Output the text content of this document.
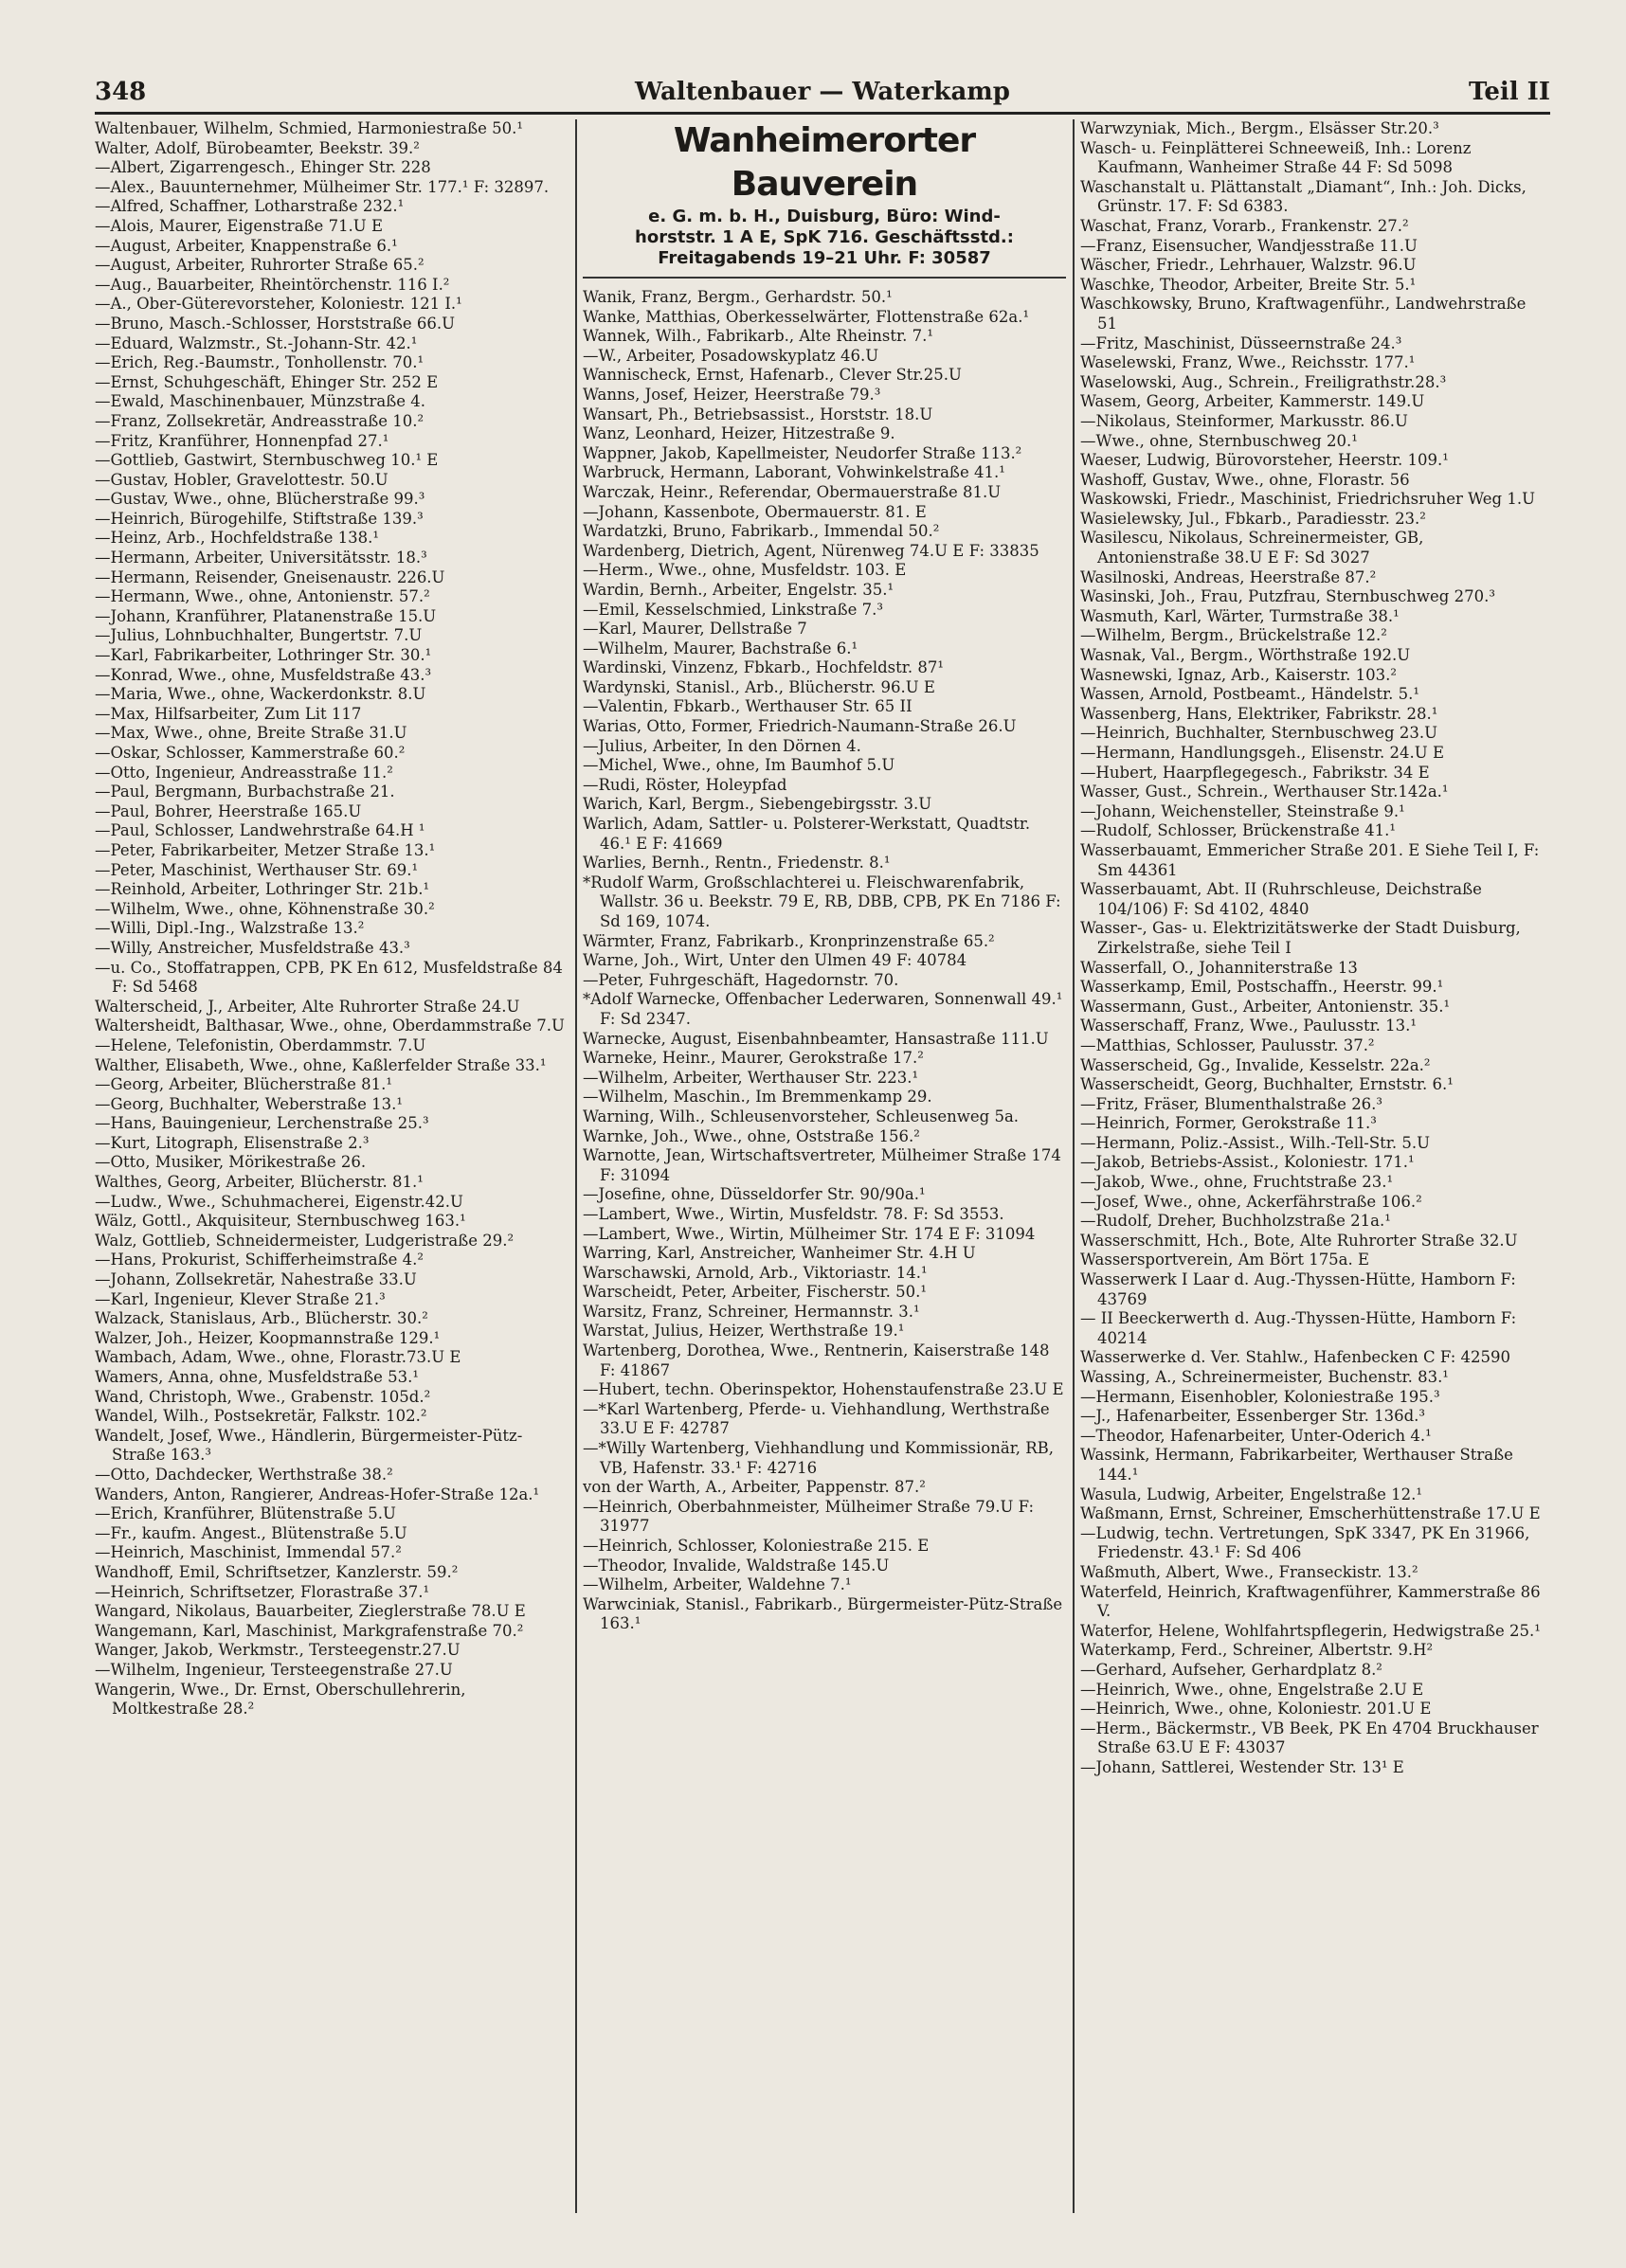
348	Waltenbauer — Waterkamp	Teil II
Waltenbauer, Wilhelm, Schmied, Harmoniestraße 50.¹
Walter, Adolf, Bürobeamter, Beekstr. 39.²
—Albert, Zigarrengesch., Ehinger Str. 228
—Alex., Bauunternehmer, Mülheimer Str. 177.¹ F: 32897.
—Alfred, Schaffner, Lotharstraße 232.¹
—Alois, Maurer, Eigenstraße 71.U E
—August, Arbeiter, Knappenstraße 6.¹
—August, Arbeiter, Ruhrorter Straße 65.²
—Aug., Bauarbeiter, Rheintörchenstr. 116 I.²
—A., Ober-Güterevorsteher, Koloniestr. 121 I.¹
—Bruno, Masch.-Schlosser, Horststraße 66.U
—Eduard, Walzmstr., St.-Johann-Str. 42.¹
—Erich, Reg.-Baumstr., Tonhollenstr. 70.¹
—Ernst, Schuhgeschäft, Ehinger Str. 252 E
—Ewald, Maschinenbauer, Münzstraße 4.
—Franz, Zollsekretär, Andreasstraße 10.²
—Fritz, Kranführer, Honnenpfad 27.¹
—Gottlieb, Gastwirt, Sternbuschweg 10.¹ E
—Gustav, Hobler, Gravelottestr. 50.U
—Gustav, Wwe., ohne, Blücherstraße 99.³
—Heinrich, Bürogehilfe, Stiftstraße 139.³
—Heinz, Arb., Hochfeldstraße 138.¹
—Hermann, Arbeiter, Universitätsstr. 18.³
—Hermann, Reisender, Gneisenaustr. 226.U
—Hermann, Wwe., ohne, Antonienstr. 57.²
—Johann, Kranführer, Platanenstraße 15.U
—Julius, Lohnbuchhalter, Bungertstr. 7.U
—Karl, Fabrikarbeiter, Lothringer Str. 30.¹
—Konrad, Wwe., ohne, Musfeldstraße 43.³
—Maria, Wwe., ohne, Wackerdonkstr. 8.U
—Max, Hilfsarbeiter, Zum Lit 117
—Max, Wwe., ohne, Breite Straße 31.U
—Oskar, Schlosser, Kammerstraße 60.²
—Otto, Ingenieur, Andreasstraße 11.²
—Paul, Bergmann, Burbachstraße 21.
—Paul, Bohrer, Heerstraße 165.U
—Paul, Schlosser, Landwehrstraße 64.H ¹
—Peter, Fabrikarbeiter, Metzer Straße 13.¹
—Peter, Maschinist, Werthauser Str. 69.¹
—Reinhold, Arbeiter, Lothringer Str. 21b.¹
—Wilhelm, Wwe., ohne, Köhnenstraße 30.²
—Willi, Dipl.-Ing., Walzstraße 13.²
—Willy, Anstreicher, Musfeldstraße 43.³
—u. Co., Stoffatrappen, CPB, PK En 612, Musfeldstraße 84 F: Sd 5468
Walterscheid, J., Arbeiter, Alte Ruhrorter Straße 24.U
Waltersheidt, Balthasar, Wwe., ohne, Oberdammstraße 7.U
—Helene, Telefonistin, Oberdammstr. 7.U
Walther, Elisabeth, Wwe., ohne, Kaßlerfelder Straße 33.¹
—Georg, Arbeiter, Blücherstraße 81.¹
—Georg, Buchhalter, Weberstraße 13.¹
—Hans, Bauingenieur, Lerchenstraße 25.³
—Kurt, Litograph, Elisenstraße 2.³
—Otto, Musiker, Mörikestraße 26.
Walthes, Georg, Arbeiter, Blücherstr. 81.¹
—Ludw., Wwe., Schuhmacherei, Eigenstr.42.U
Wälz, Gottl., Akquisiteur, Sternbuschweg 163.¹
Walz, Gottlieb, Schneidermeister, Ludgeristraße 29.²
—Hans, Prokurist, Schifferheimstraße 4.²
—Johann, Zollsekretär, Nahestraße 33.U
—Karl, Ingenieur, Klever Straße 21.³
Walzack, Stanislaus, Arb., Blücherstr. 30.²
Walzer, Joh., Heizer, Koopmannstraße 129.¹
Wambach, Adam, Wwe., ohne, Florastr.73.U E
Wamers, Anna, ohne, Musfeldstraße 53.¹
Wand, Christoph, Wwe., Grabenstr. 105d.²
Wandel, Wilh., Postsekretär, Falkstr. 102.²
Wandelt, Josef, Wwe., Händlerin, Bürgermeister-Pütz-Straße 163.³
—Otto, Dachdecker, Werthstraße 38.²
Wanders, Anton, Rangierer, Andreas-Hofer-Straße 12a.¹
—Erich, Kranführer, Blütenstraße 5.U
—Fr., kaufm. Angest., Blütenstraße 5.U
—Heinrich, Maschinist, Immendal 57.²
Wandhoff, Emil, Schriftsetzer, Kanzlerstr. 59.²
—Heinrich, Schriftsetzer, Florastraße 37.¹
Wangard, Nikolaus, Bauarbeiter, Zieglerstraße 78.U E
Wangemann, Karl, Maschinist, Markgrafenstraße 70.²
Wanger, Jakob, Werkmstr., Tersteegenstr.27.U
—Wilhelm, Ingenieur, Tersteegenstraße 27.U
Wangerin, Wwe., Dr. Ernst, Oberschullehrerin, Moltkestraße 28.²
Wanheimerorter Bauverein
e. G. m. b. H., Duisburg, Büro: Wind-
horststr. 1 A E, SpK 716. Geschäftsstd.:
Freitagabends 19–21 Uhr. F: 30587
Wanik, Franz, Bergm., Gerhardstr. 50.¹
Wanke, Matthias, Oberkesselwärter, Flottenstraße 62a.¹
Wannek, Wilh., Fabrikarb., Alte Rheinstr. 7.¹
—W., Arbeiter, Posadowskyplatz 46.U
Wannischeck, Ernst, Hafenarb., Clever Str.25.U
Wanns, Josef, Heizer, Heerstraße 79.³
Wansart, Ph., Betriebsassist., Horststr. 18.U
Wanz, Leonhard, Heizer, Hitzestraße 9.
Wappner, Jakob, Kapellmeister, Neudorfer Straße 113.²
Warbruck, Hermann, Laborant, Vohwinkelstraße 41.¹
Warczak, Heinr., Referendar, Obermauerstraße 81.U
—Johann, Kassenbote, Obermauerstr. 81. E
Wardatzki, Bruno, Fabrikarb., Immendal 50.²
Wardenberg, Dietrich, Agent, Nürenweg 74.U E F: 33835
—Herm., Wwe., ohne, Musfeldstr. 103. E
Wardin, Bernh., Arbeiter, Engelstr. 35.¹
—Emil, Kesselschmied, Linkstraße 7.³
—Karl, Maurer, Dellstraße 7
—Wilhelm, Maurer, Bachstraße 6.¹
Wardinski, Vinzenz, Fbkarb., Hochfeldstr. 87¹
Wardynski, Stanisl., Arb., Blücherstr. 96.U E
—Valentin, Fbkarb., Werthauser Str. 65 II
Warias, Otto, Former, Friedrich-Naumann-Straße 26.U
—Julius, Arbeiter, In den Dörnen 4.
—Michel, Wwe., ohne, Im Baumhof 5.U
—Rudi, Röster, Holeypfad
Warich, Karl, Bergm., Siebengebirgsstr. 3.U
Warlich, Adam, Sattler- u. Polsterer-Werkstatt, Quadtstr. 46.¹ E F: 41669
Warlies, Bernh., Rentn., Friedenstr. 8.¹
*Rudolf Warm, Großschlachterei u. Fleischwarenfabrik, Wallstr. 36 u. Beekstr. 79 E, RB, DBB, CPB, PK En 7186 F: Sd 169, 1074.
Wärmter, Franz, Fabrikarb., Kronprinzenstraße 65.²
Warne, Joh., Wirt, Unter den Ulmen 49 F: 40784
—Peter, Fuhrgeschäft, Hagedornstr. 70.
*Adolf Warnecke, Offenbacher Lederwaren, Sonnenwall 49.¹ F: Sd 2347.
Warnecke, August, Eisenbahnbeamter, Hansastraße 111.U
Warneke, Heinr., Maurer, Gerokstraße 17.²
—Wilhelm, Arbeiter, Werthauser Str. 223.¹
—Wilhelm, Maschin., Im Bremmenkamp 29.
Warning, Wilh., Schleusenvorsteher, Schleusenweg 5a.
Warnke, Joh., Wwe., ohne, Oststraße 156.²
Warnotte, Jean, Wirtschaftsvertreter, Mülheimer Straße 174 F: 31094
—Josefine, ohne, Düsseldorfer Str. 90/90a.¹
—Lambert, Wwe., Wirtin, Musfeldstr. 78. F: Sd 3553.
—Lambert, Wwe., Wirtin, Mülheimer Str. 174 E F: 31094
Warring, Karl, Anstreicher, Wanheimer Str. 4.H U
Warschawski, Arnold, Arb., Viktoriastr. 14.¹
Warscheidt, Peter, Arbeiter, Fischerstr. 50.¹
Warsitz, Franz, Schreiner, Hermannstr. 3.¹
Warstat, Julius, Heizer, Werthstraße 19.¹
Wartenberg, Dorothea, Wwe., Rentnerin, Kaiserstraße 148 F: 41867
—Hubert, techn. Oberinspektor, Hohenstaufenstraße 23.U E
—*Karl Wartenberg, Pferde- u. Viehhandlung, Werthstraße 33.U E F: 42787
—*Willy Wartenberg, Viehhandlung und Kommissionär, RB, VB, Hafenstr. 33.¹ F: 42716
von der Warth, A., Arbeiter, Pappenstr. 87.²
—Heinrich, Oberbahnmeister, Mülheimer Straße 79.U F: 31977
—Heinrich, Schlosser, Koloniestraße 215. E
—Theodor, Invalide, Waldstraße 145.U
—Wilhelm, Arbeiter, Waldehne 7.¹
Warwciniak, Stanisl., Fabrikarb., Bürgermeister-Pütz-Straße 163.¹
Warwzyniak, Mich., Bergm., Elsässer Str.20.³
Wasch- u. Feinplätterei Schneeweiß, Inh.: Lorenz Kaufmann, Wanheimer Straße 44 F: Sd 5098
Waschanstalt u. Plättanstalt „Diamant“, Inh.: Joh. Dicks, Grünstr. 17. F: Sd 6383.
Waschat, Franz, Vorarb., Frankenstr. 27.²
—Franz, Eisensucher, Wandjesstraße 11.U
Wäscher, Friedr., Lehrhauer, Walzstr. 96.U
Waschke, Theodor, Arbeiter, Breite Str. 5.¹
Waschkowsky, Bruno, Kraftwagenführ., Landwehrstraße 51
—Fritz, Maschinist, Düsseernstraße 24.³
Waselewski, Franz, Wwe., Reichsstr. 177.¹
Waselowski, Aug., Schrein., Freiligrathstr.28.³
Wasem, Georg, Arbeiter, Kammerstr. 149.U
—Nikolaus, Steinformer, Markusstr. 86.U
—Wwe., ohne, Sternbuschweg 20.¹
Waeser, Ludwig, Bürovorsteher, Heerstr. 109.¹
Washoff, Gustav, Wwe., ohne, Florastr. 56
Waskowski, Friedr., Maschinist, Friedrichsruher Weg 1.U
Wasielewsky, Jul., Fbkarb., Paradiesstr. 23.²
Wasilescu, Nikolaus, Schreinermeister, GB, Antonienstraße 38.U E F: Sd 3027
Wasilnoski, Andreas, Heerstraße 87.²
Wasinski, Joh., Frau, Putzfrau, Sternbuschweg 270.³
Wasmuth, Karl, Wärter, Turmstraße 38.¹
—Wilhelm, Bergm., Brückelstraße 12.²
Wasnak, Val., Bergm., Wörthstraße 192.U
Wasnewski, Ignaz, Arb., Kaiserstr. 103.²
Wassen, Arnold, Postbeamt., Händelstr. 5.¹
Wassenberg, Hans, Elektriker, Fabrikstr. 28.¹
—Heinrich, Buchhalter, Sternbuschweg 23.U
—Hermann, Handlungsgeh., Elisenstr. 24.U E
—Hubert, Haarpflegegesch., Fabrikstr. 34 E
Wasser, Gust., Schrein., Werthauser Str.142a.¹
—Johann, Weichensteller, Steinstraße 9.¹
—Rudolf, Schlosser, Brückenstraße 41.¹
Wasserbauamt, Emmericher Straße 201. E Siehe Teil I, F: Sm 44361
Wasserbauamt, Abt. II (Ruhrschleuse, Deichstraße 104/106) F: Sd 4102, 4840
Wasser-, Gas- u. Elektrizitätswerke der Stadt Duisburg, Zirkelstraße, siehe Teil I
Wasserfall, O., Johanniterstraße 13
Wasserkamp, Emil, Postschaffn., Heerstr. 99.¹
Wassermann, Gust., Arbeiter, Antonienstr. 35.¹
Wasserschaff, Franz, Wwe., Paulusstr. 13.¹
—Matthias, Schlosser, Paulusstr. 37.²
Wasserscheid, Gg., Invalide, Kesselstr. 22a.²
Wasserscheidt, Georg, Buchhalter, Ernststr. 6.¹
—Fritz, Fräser, Blumenthalstraße 26.³
—Heinrich, Former, Gerokstraße 11.³
—Hermann, Poliz.-Assist., Wilh.-Tell-Str. 5.U
—Jakob, Betriebs-Assist., Koloniestr. 171.¹
—Jakob, Wwe., ohne, Fruchtstraße 23.¹
—Josef, Wwe., ohne, Ackerfährstraße 106.²
—Rudolf, Dreher, Buchholzstraße 21a.¹
Wasserschmitt, Hch., Bote, Alte Ruhrorter Straße 32.U
Wassersportverein, Am Bört 175a. E
Wasserwerk I Laar d. Aug.-Thyssen-Hütte, Hamborn F: 43769
— II Beeckerwerth d. Aug.-Thyssen-Hütte, Hamborn F: 40214
Wasserwerke d. Ver. Stahlw., Hafenbecken C F: 42590
Wassing, A., Schreinermeister, Buchenstr. 83.¹
—Hermann, Eisenhobler, Koloniestraße 195.³
—J., Hafenarbeiter, Essenberger Str. 136d.³
—Theodor, Hafenarbeiter, Unter-Oderich 4.¹
Wassink, Hermann, Fabrikarbeiter, Werthauser Straße 144.¹
Wasula, Ludwig, Arbeiter, Engelstraße 12.¹
Waßmann, Ernst, Schreiner, Emscherhüttenstraße 17.U E
—Ludwig, techn. Vertretungen, SpK 3347, PK En 31966, Friedenstr. 43.¹ F: Sd 406
Waßmuth, Albert, Wwe., Franseckistr. 13.²
Waterfeld, Heinrich, Kraftwagenführer, Kammerstraße 86 V.
Waterfor, Helene, Wohlfahrtspflegerin, Hedwigstraße 25.¹
Waterkamp, Ferd., Schreiner, Albertstr. 9.H²
—Gerhard, Aufseher, Gerhardplatz 8.²
—Heinrich, Wwe., ohne, Engelstraße 2.U E
—Heinrich, Wwe., ohne, Koloniestr. 201.U E
—Herm., Bäckermstr., VB Beek, PK En 4704 Bruckhauser Straße 63.U E F: 43037
—Johann, Sattlerei, Westender Str. 13¹ E
